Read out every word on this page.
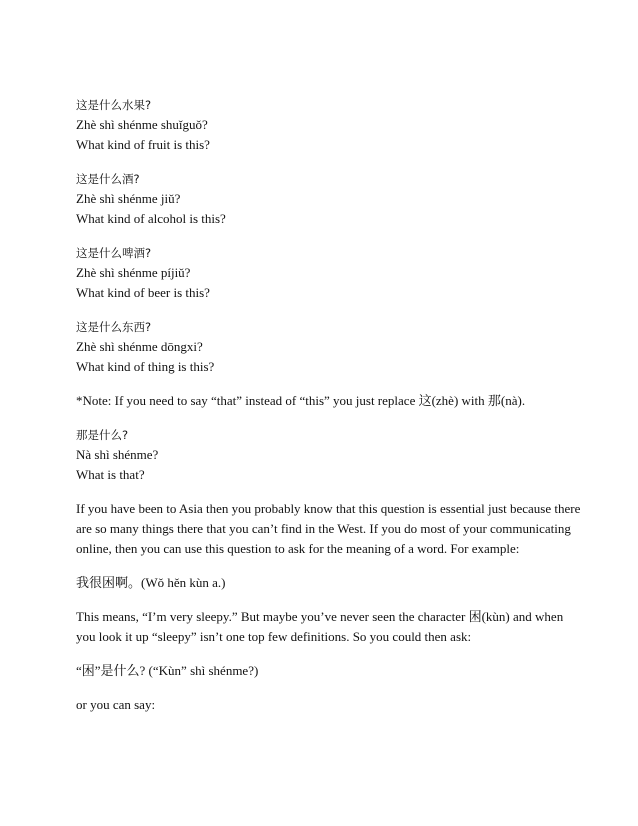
这是什么水果?
Zhè shì shénme shuǐguǒ?
What kind of fruit is this?
这是什么酒?
Zhè shì shénme jiǔ?
What kind of alcohol is this?
这是什么啤酒?
Zhè shì shénme píjiǔ?
What kind of beer is this?
这是什么东西?
Zhè shì shénme dōngxi?
What kind of thing is this?
*Note: If you need to say “that” instead of “this” you just replace 这(zhè) with 那(nà).
那是什么?
Nà shì shénme?
What is that?
If you have been to Asia then you probably know that this question is essential just because there
are so many things there that you can’t find in the West. If you do most of your communicating
online, then you can use this question to ask for the meaning of a word. For example:
我很困啊。(Wǒ hěn kùn a.)
This means, “I’m very sleepy.” But maybe you’ve never seen the character 困(kùn) and when
you look it up “sleepy” isn’t one top few definitions. So you could then ask:
“困”是什么? (“Kùn” shì shénme?)
or you can say:
